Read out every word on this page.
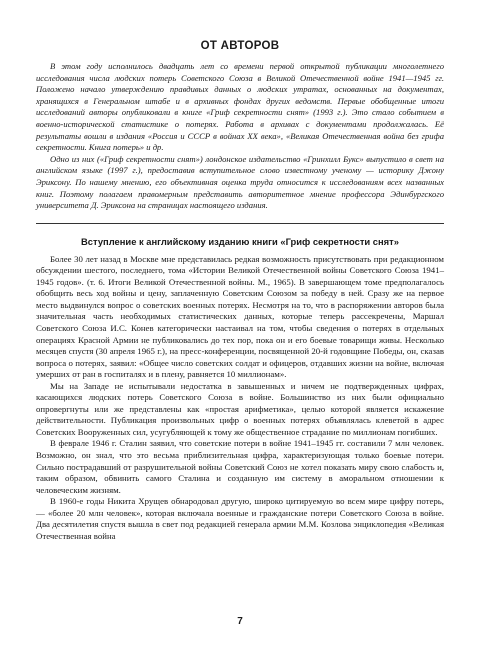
ОТ АВТОРОВ

В этом году исполнилось двадцать лет со времени первой открытой публикации многолетнего исследования числа людских потерь Советского Союза в Великой Отечественной войне 1941—1945 гг. Положено начало утверждению правдивых данных о людских утратах, основанных на документах, хранящихся в Генеральном штабе и в архивных фондах других ведомств. Первые обобщенные итоги исследований авторы опубликовали в книге «Гриф секретности снят» (1993 г.). Это стало событием в военно-исторической статистике о потерях. Работа в архивах с документами продолжалась. Её результаты вошли в издания «Россия и СССР в войнах XX века», «Великая Отечественная война без грифа секретности. Книга потерь» и др.

Одно из них («Гриф секретности снят») лондонское издательство «Гринхилл Букс» выпустило в свет на английском языке (1997 г.), предоставив вступительное слово известному ученому — историку Джону Эриксону. По нашему мнению, его объективная оценка труда относится к исследованиям всех названных книг. Поэтому полагаем правомерным представить авторитетное мнение профессора Эдинбургского университета Д. Эриксона на страницах настоящего издания.

Вступление к английскому изданию книги «Гриф секретности снят»

Более 30 лет назад в Москве мне представилась редкая возможность присутствовать при редакционном обсуждении шестого, последнего, тома «Истории Великой Отечественной войны Советского Союза 1941–1945 годов». (т. 6. Итоги Великой Отечественной войны. М., 1965). В завершающем томе предполагалось обобщить весь ход войны и цену, заплаченную Советским Союзом за победу в ней. Сразу же на первое место выдвинулся вопрос о советских военных потерях. Несмотря на то, что в распоряжении авторов была значительная часть необходимых статистических данных, которые теперь рассекречены, Маршал Советского Союза И.С. Конев категорически настаивал на том, чтобы сведения о потерях в отдельных операциях Красной Армии не публиковались до тех пор, пока он и его боевые товарищи живы. Несколько месяцев спустя (30 апреля 1965 г.), на пресс-конференции, посвященной 20-й годовщине Победы, он, сказав вопроса о потерях, заявил: «Общее число советских солдат и офицеров, отдавших жизни на войне, включая умерших от ран в госпиталях и в плену, равняется 10 миллионам».

Мы на Западе не испытывали недостатка в завышенных и ничем не подтвержденных цифрах, касающихся людских потерь Советского Союза в войне. Большинство из них были официально опровергнуты или же представлены как «простая арифметика», целью которой является искажение действительности. Публикация произвольных цифр о военных потерях объявлялась клеветой в адрес Советских Вооруженных сил, усугубляющей к тому же общественное страдание по миллионам погибших.

В феврале 1946 г. Сталин заявил, что советские потери в войне 1941–1945 гг. составили 7 млн человек. Возможно, он знал, что это весьма приблизительная цифра, характеризующая только боевые потери. Сильно пострадавший от разрушительной войны Советский Союз не хотел показать миру свою слабость и, таким образом, обвинить самого Сталина и созданную им систему в аморальном отношении к человеческим жизням.

В 1960-е годы Никита Хрущев обнародовал другую, широко цитируемую во всем мире цифру потерь, — «более 20 млн человек», которая включала военные и гражданские потери Советского Союза в войне. Два десятилетия спустя вышла в свет под редакцией генерала армии М.М. Козлова энциклопедия «Великая Отечественная война

7
